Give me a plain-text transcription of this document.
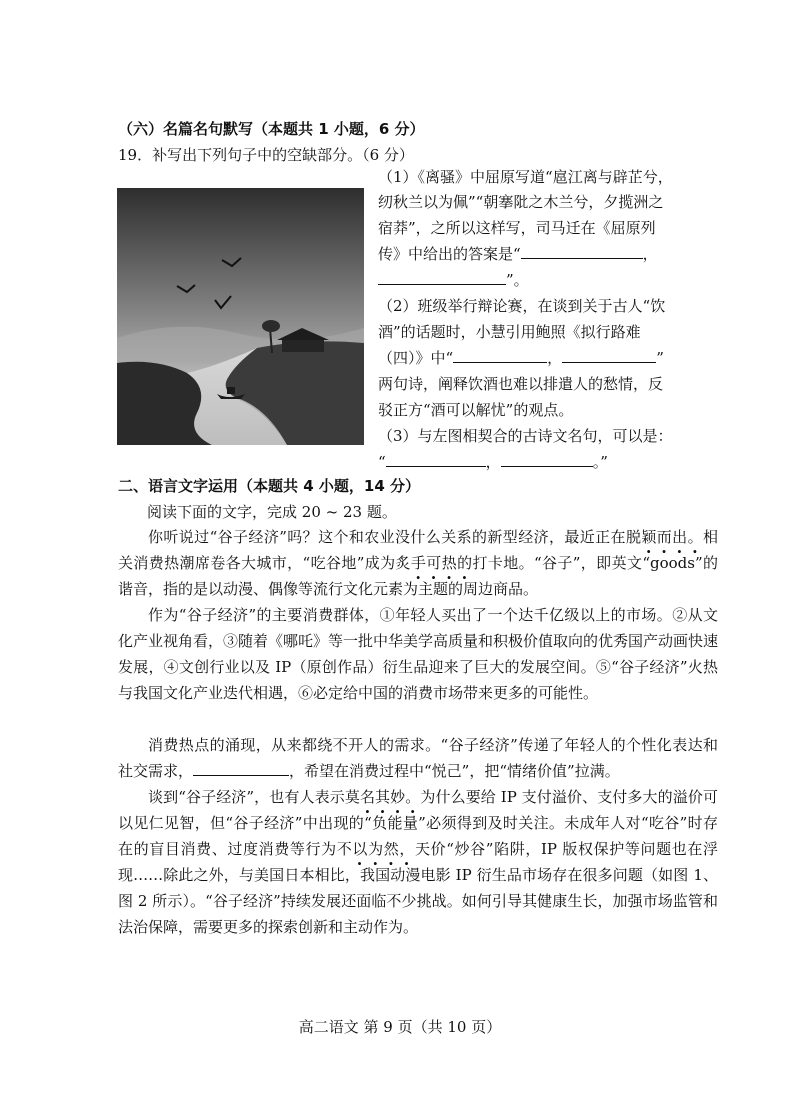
（六）名篇名句默写（本题共 1 小题，6 分）
19．补写出下列句子中的空缺部分。（6 分）
（1）《离骚》中屈原写道“扈江离与辟芷兮，
纫秋兰以为佩”“朝搴阰之木兰兮，夕揽洲之
宿莽”，之所以这样写，司马迁在《屈原列
传》中给出的答案是“	，
”。
（2）班级举行辩论赛，在谈到关于古人“饮
酒”的话题时，小慧引用鲍照《拟行路难
（四）》中“	，	”
两句诗，阐释饮酒也难以排遣人的愁情，反
驳正方“酒可以解忧”的观点。
（3）与左图相契合的古诗文名句，可以是：
“	，	。”
二、语言文字运用（本题共 4 小题，14 分）
阅读下面的文字，完成 20 ~ 23 题。
你听说过“谷子经济”吗？这个和农业没什么关系的新型经济，最近正在脱颖而出。相关消费热潮席卷各大城市，“吃谷地”成为炙手可热的打卡地。“谷子”，即英文“goods”的谐音，指的是以动漫、偶像等流行文化元素为主题的周边商品。
作为“谷子经济”的主要消费群体，①年轻人买出了一个达千亿级以上的市场。②从文化产业视角看，③随着《哪吒》等一批中华美学高质量和积极价值取向的优秀国产动画快速发展，④文创行业以及 IP（原创作品）衍生品迎来了巨大的发展空间。⑤“谷子经济”火热与我国文化产业迭代相遇，⑥必定给中国的消费市场带来更多的可能性。
消费热点的涌现，从来都绕不开人的需求。“谷子经济”传递了年轻人的个性化表达和社交需求，	，希望在消费过程中“悦己”，把“情绪价值”拉满。
谈到“谷子经济”，也有人表示莫名其妙。为什么要给 IP 支付溢价、支付多大的溢价可以见仁见智，但“谷子经济”中出现的“负能量”必须得到及时关注。未成年人对“吃谷”时存在的盲目消费、过度消费等行为不以为然，天价“炒谷”陷阱，IP 版权保护等问题也在浮现……除此之外，与美国日本相比，我国动漫电影 IP 衍生品市场存在很多问题（如图 1、图 2 所示）。“谷子经济”持续发展还面临不少挑战。如何引导其健康生长，加强市场监管和法治保障，需要更多的探索创新和主动作为。
高二语文 第 9 页（共 10 页）
